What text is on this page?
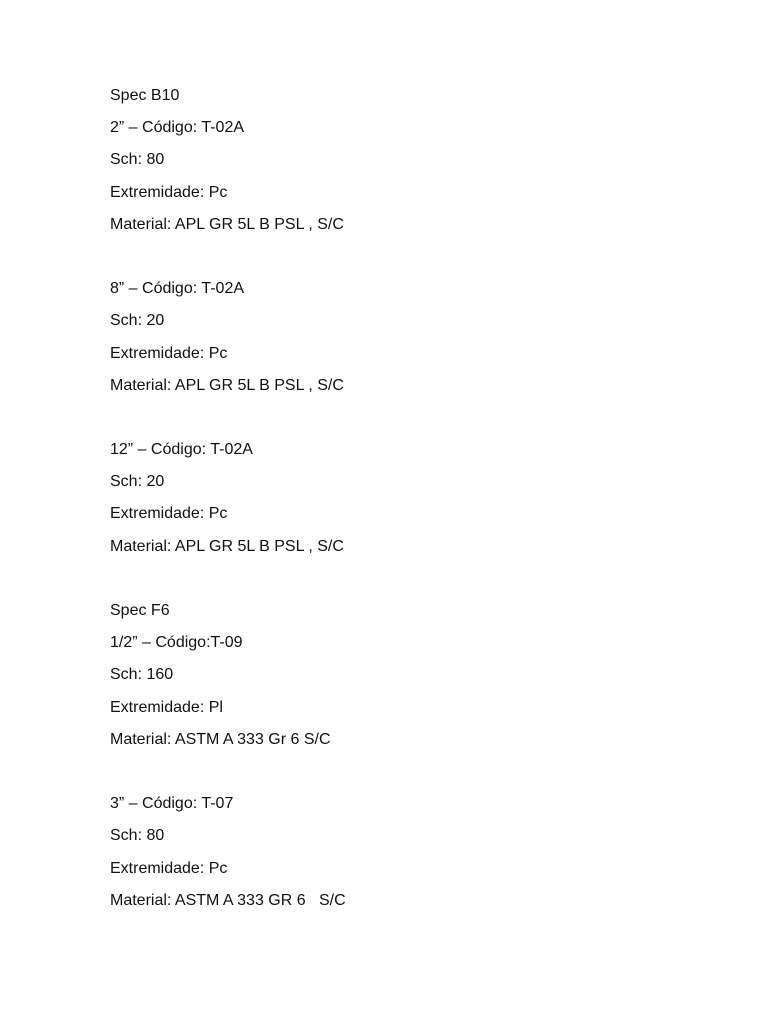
Spec B10
2” – Código: T-02A
Sch: 80
Extremidade: Pc
Material: APL GR 5L B PSL , S/C
8” – Código: T-02A
Sch: 20
Extremidade: Pc
Material: APL GR 5L B PSL , S/C
12” – Código: T-02A
Sch: 20
Extremidade: Pc
Material: APL GR 5L B PSL , S/C
Spec F6
1/2” – Código:T-09
Sch: 160
Extremidade: Pl
Material: ASTM A 333 Gr 6 S/C
3” – Código: T-07
Sch: 80
Extremidade: Pc
Material: ASTM A 333 GR 6   S/C
